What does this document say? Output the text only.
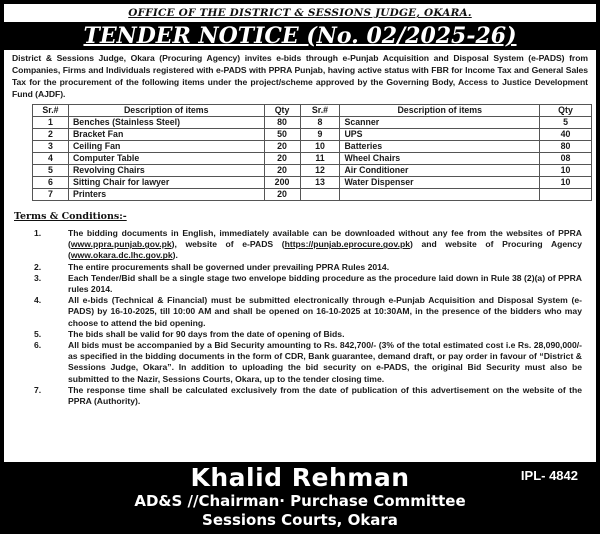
OFFICE OF THE DISTRICT & SESSIONS JUDGE, OKARA.
TENDER NOTICE (No. 02/2025-26)

District & Sessions Judge, Okara (Procuring Agency) invites e-bids through e-Punjab Acquisition and Disposal System (e-PADS) from Companies, Firms and Individuals registered with e-PADS with PPRA Punjab, having active status with FBR for Income Tax and General Sales Tax for the procurement of the following items under the project/scheme approved by the Governing Body, Access to Justice Development Fund (AJDF).

Sr.#	Description of items	Qty	Sr.#	Description of items	Qty
1	Benches (Stainless Steel)	80	8	Scanner	5
2	Bracket Fan	50	9	UPS	40
3	Ceiling Fan	20	10	Batteries	80
4	Computer Table	20	11	Wheel Chairs	08
5	Revolving Chairs	20	12	Air Conditioner	10
6	Sitting Chair for lawyer	200	13	Water Dispenser	10
7	Printers	20			
Terms & Conditions:-
1.	The bidding documents in English, immediately available can be downloaded without any fee from the websites of PPRA (www.ppra.punjab.gov.pk), website of e-PADS (https://punjab.eprocure.gov.pk) and website of Procuring Agency (www.okara.dc.lhc.gov.pk).
2.	The entire procurements shall be governed under prevailing PPRA Rules 2014.
3.	Each Tender/Bid shall be a single stage two envelope bidding procedure as the procedure laid down in Rule 38 (2)(a) of PPRA rules 2014.
4.	All e-bids (Technical & Financial) must be submitted electronically through e-Punjab Acquisition and Disposal System (e-PADS) by 16-10-2025, till 10:00 AM and shall be opened on 16-10-2025 at 10:30AM, in the presence of the bidders who may choose to attend the bid opening.
5.	The bids shall be valid for 90 days from the date of opening of Bids.
6.	All bids must be accompanied by a Bid Security amounting to Rs. 842,700/- (3% of the total estimated cost i.e Rs. 28,090,000/- as specified in the bidding documents in the form of CDR, Bank guarantee, demand draft, or pay order in favour of “District & Sessions Judge, Okara”. In addition to uploading the bid security on e-PADS, the original Bid Security must also be submitted to the Nazir, Sessions Courts, Okara, up to the tender closing time.
7.	The response time shall be calculated exclusively from the date of publication of this advertisement on the website of the PPRA (Authority).
Khalid Rehman
AD&S //Chairman· Purchase Committee
Sessions Courts, Okara
IPL- 4842
